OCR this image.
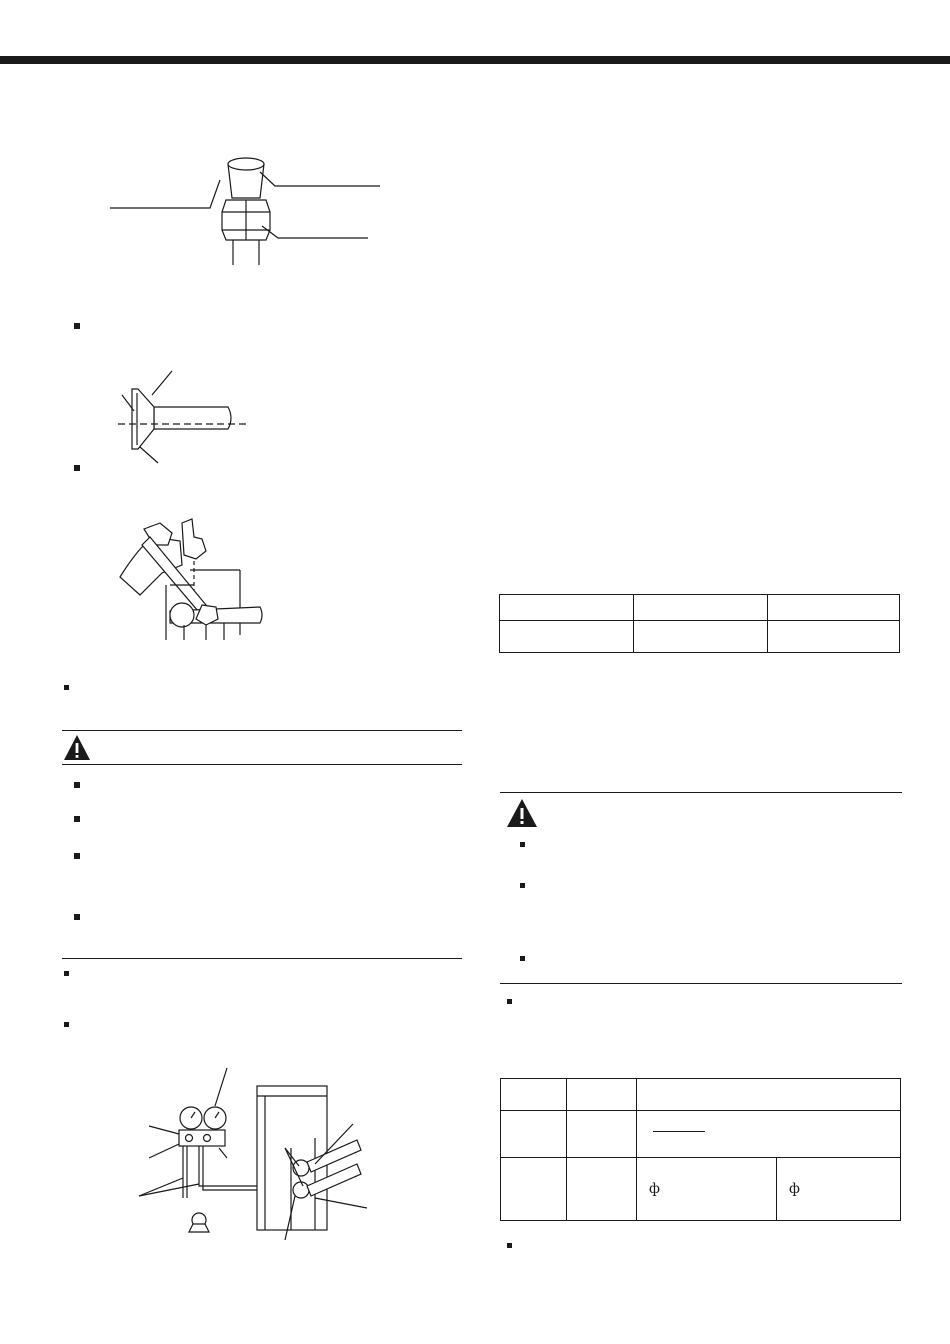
		ф	ф
